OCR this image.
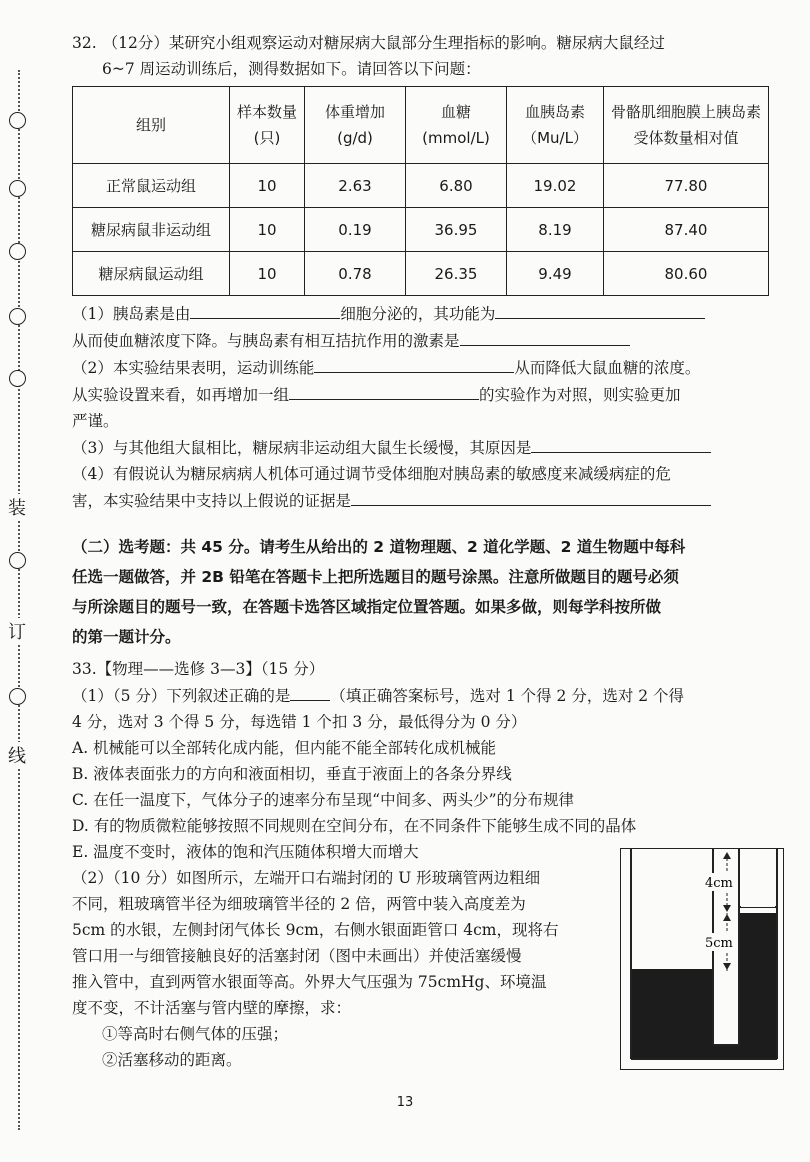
装
订
线

32. （12分）某研究小组观察运动对糖尿病大鼠部分生理指标的影响。糖尿病大鼠经过

6~7 周运动训练后，测得数据如下。请回答以下问题：

组别	样本数量(只)	体重增加(g/d)	血糖(mmol/L)	血胰岛素（Mu/L）	骨骼肌细胞膜上胰岛素受体数量相对值
正常鼠运动组	10	2.63	6.80	19.02	77.80
糖尿病鼠非运动组	10	0.19	36.95	8.19	87.40
糖尿病鼠运动组	10	0.78	26.35	9.49	80.60

（1）胰岛素是由	细胞分泌的，其功能为

从而使血糖浓度下降。与胰岛素有相互拮抗作用的激素是

（2）本实验结果表明，运动训练能	从而降低大鼠血糖的浓度。

从实验设置来看，如再增加一组	的实验作为对照，则实验更加

严谨。

（3）与其他组大鼠相比，糖尿病非运动组大鼠生长缓慢，其原因是

（4）有假说认为糖尿病病人机体可通过调节受体细胞对胰岛素的敏感度来减缓病症的危

害，本实验结果中支持以上假说的证据是

（二）选考题：共 45 分。请考生从给出的 2 道物理题、2 道化学题、2 道生物题中每科
任选一题做答，并 2B 铅笔在答题卡上把所选题目的题号涂黑。注意所做题目的题号必须
与所涂题目的题号一致，在答题卡选答区域指定位置答题。如果多做，则每学科按所做
的第一题计分。

33.【物理——选修 3—3】（15 分）

（1）（5 分）下列叙述正确的是	（填正确答案标号，选对 1 个得 2 分，选对 2 个得

4 分，选对 3 个得 5 分，每选错 1 个扣 3 分，最低得分为 0 分）

A. 机械能可以全部转化成内能，但内能不能全部转化成机械能

B. 液体表面张力的方向和液面相切，垂直于液面上的各条分界线

C. 在任一温度下，气体分子的速率分布呈现“中间多、两头少”的分布规律

D. 有的物质微粒能够按照不同规则在空间分布，在不同条件下能够生成不同的晶体

E. 温度不变时，液体的饱和汽压随体积增大而增大

（2）（10 分）如图所示，左端开口右端封闭的 U 形玻璃管两边粗细

不同，粗玻璃管半径为细玻璃管半径的 2 倍，两管中装入高度差为

5cm 的水银，左侧封闭气体长 9cm，右侧水银面距管口 4cm，现将右

管口用一与细管接触良好的活塞封闭（图中未画出）并使活塞缓慢

推入管中，直到两管水银面等高。外界大气压强为 75cmHg、环境温

度不变，不计活塞与管内壁的摩擦，求：

①等高时右侧气体的压强；

②活塞移动的距离。

4cm
5cm
13
